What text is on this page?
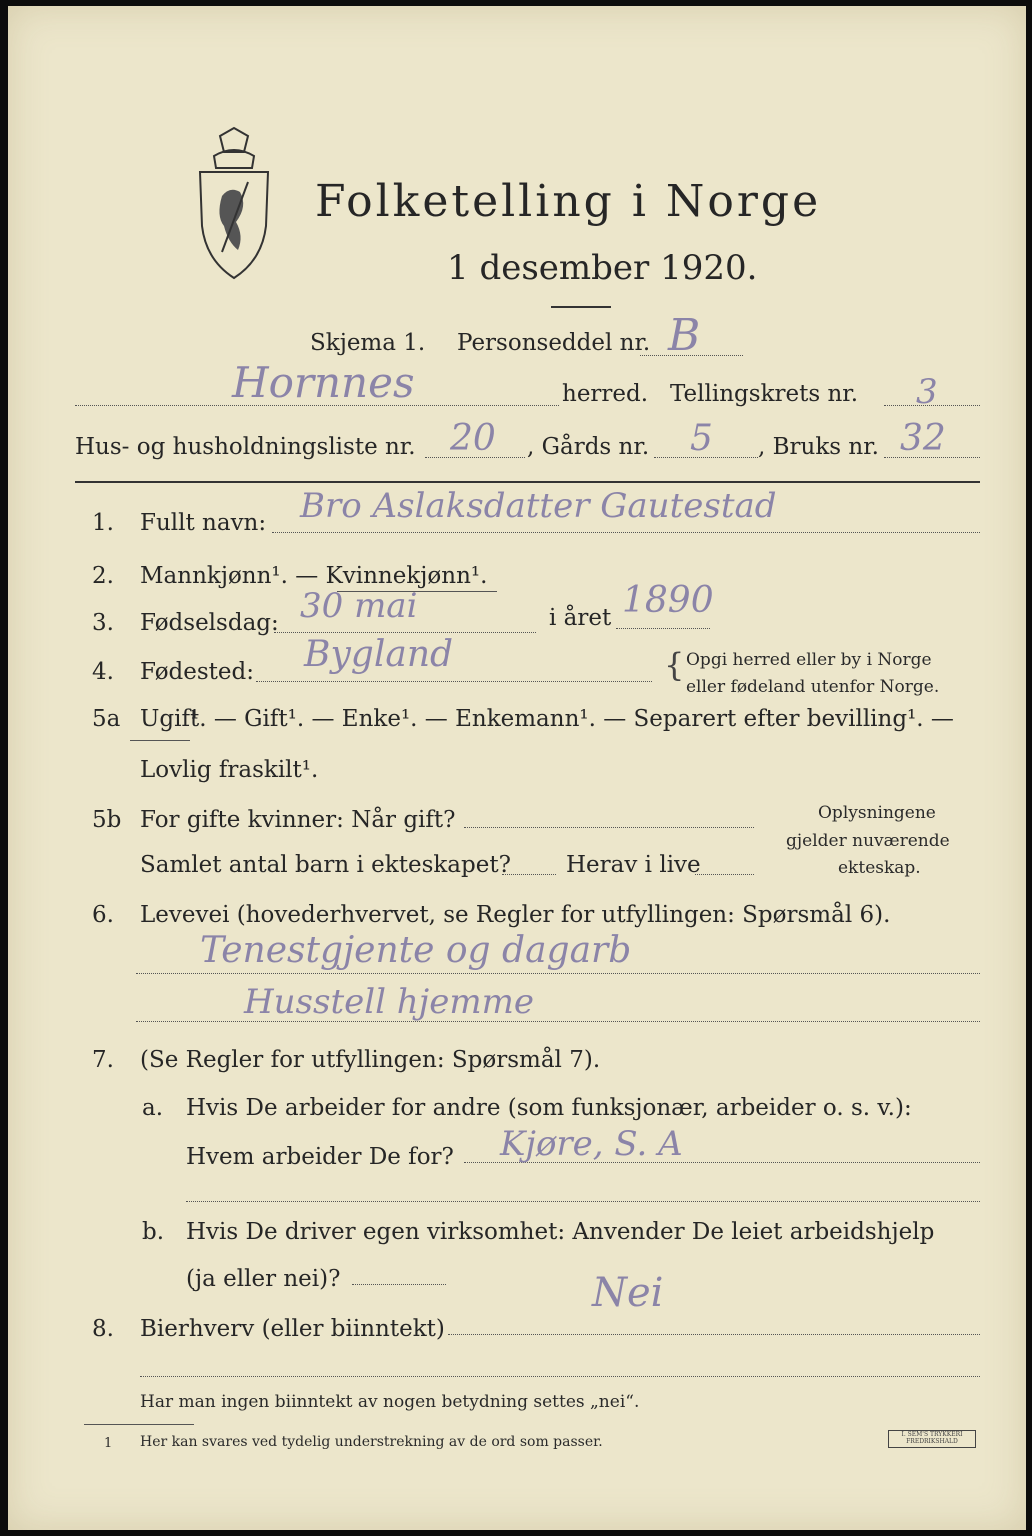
Folketelling i Norge
1 desember 1920.
Skjema 1. Personseddel nr. B
Hornnes	herred. Tellingskrets nr. 3
Hus- og husholdningsliste nr. 20 , Gårds nr. 5 , Bruks nr. 32
1.	Fullt navn: Bro Aslaksdatter Gautestad
2.	Mannkjønn¹. — Kvinnekjønn¹.
3.	Fødselsdag: 30 mai	i året 1890
4.	Fødested: Bygland	{ Opgi herred eller by i Norge
eller fødeland utenfor Norge.
5a Ugift
¹. — Gift¹. — Enke¹. — Enkemann¹. — Separert efter bevilling¹. —
Lovlig fraskilt¹.
5b For gifte kvinner: Når gift?
Samlet antal barn i ekteskapet? Herav i live
Oplysningene
gjelder nuværende
ekteskap.
6.	Levevei (hovederhvervet, se Regler for utfyllingen: Spørsmål 6).
Tenestgjente og dagarb
Husstell hjemme
7.	(Se Regler for utfyllingen: Spørsmål 7).
a. Hvis De arbeider for andre (som funksjonær, arbeider o. s. v.):
Hvem arbeider De for? Kjøre, S. A
b. Hvis De driver egen virksomhet: Anvender De leiet arbeidshjelp
(ja eller nei)?	Nei
8.	Bierhverv (eller biinntekt)
Har man ingen biinntekt av nogen betydning settes „nei“.
1 Her kan svares ved tydelig understrekning av de ord som passer.	I. SEM'S TRYKKERI
FREDRIKSHALD
